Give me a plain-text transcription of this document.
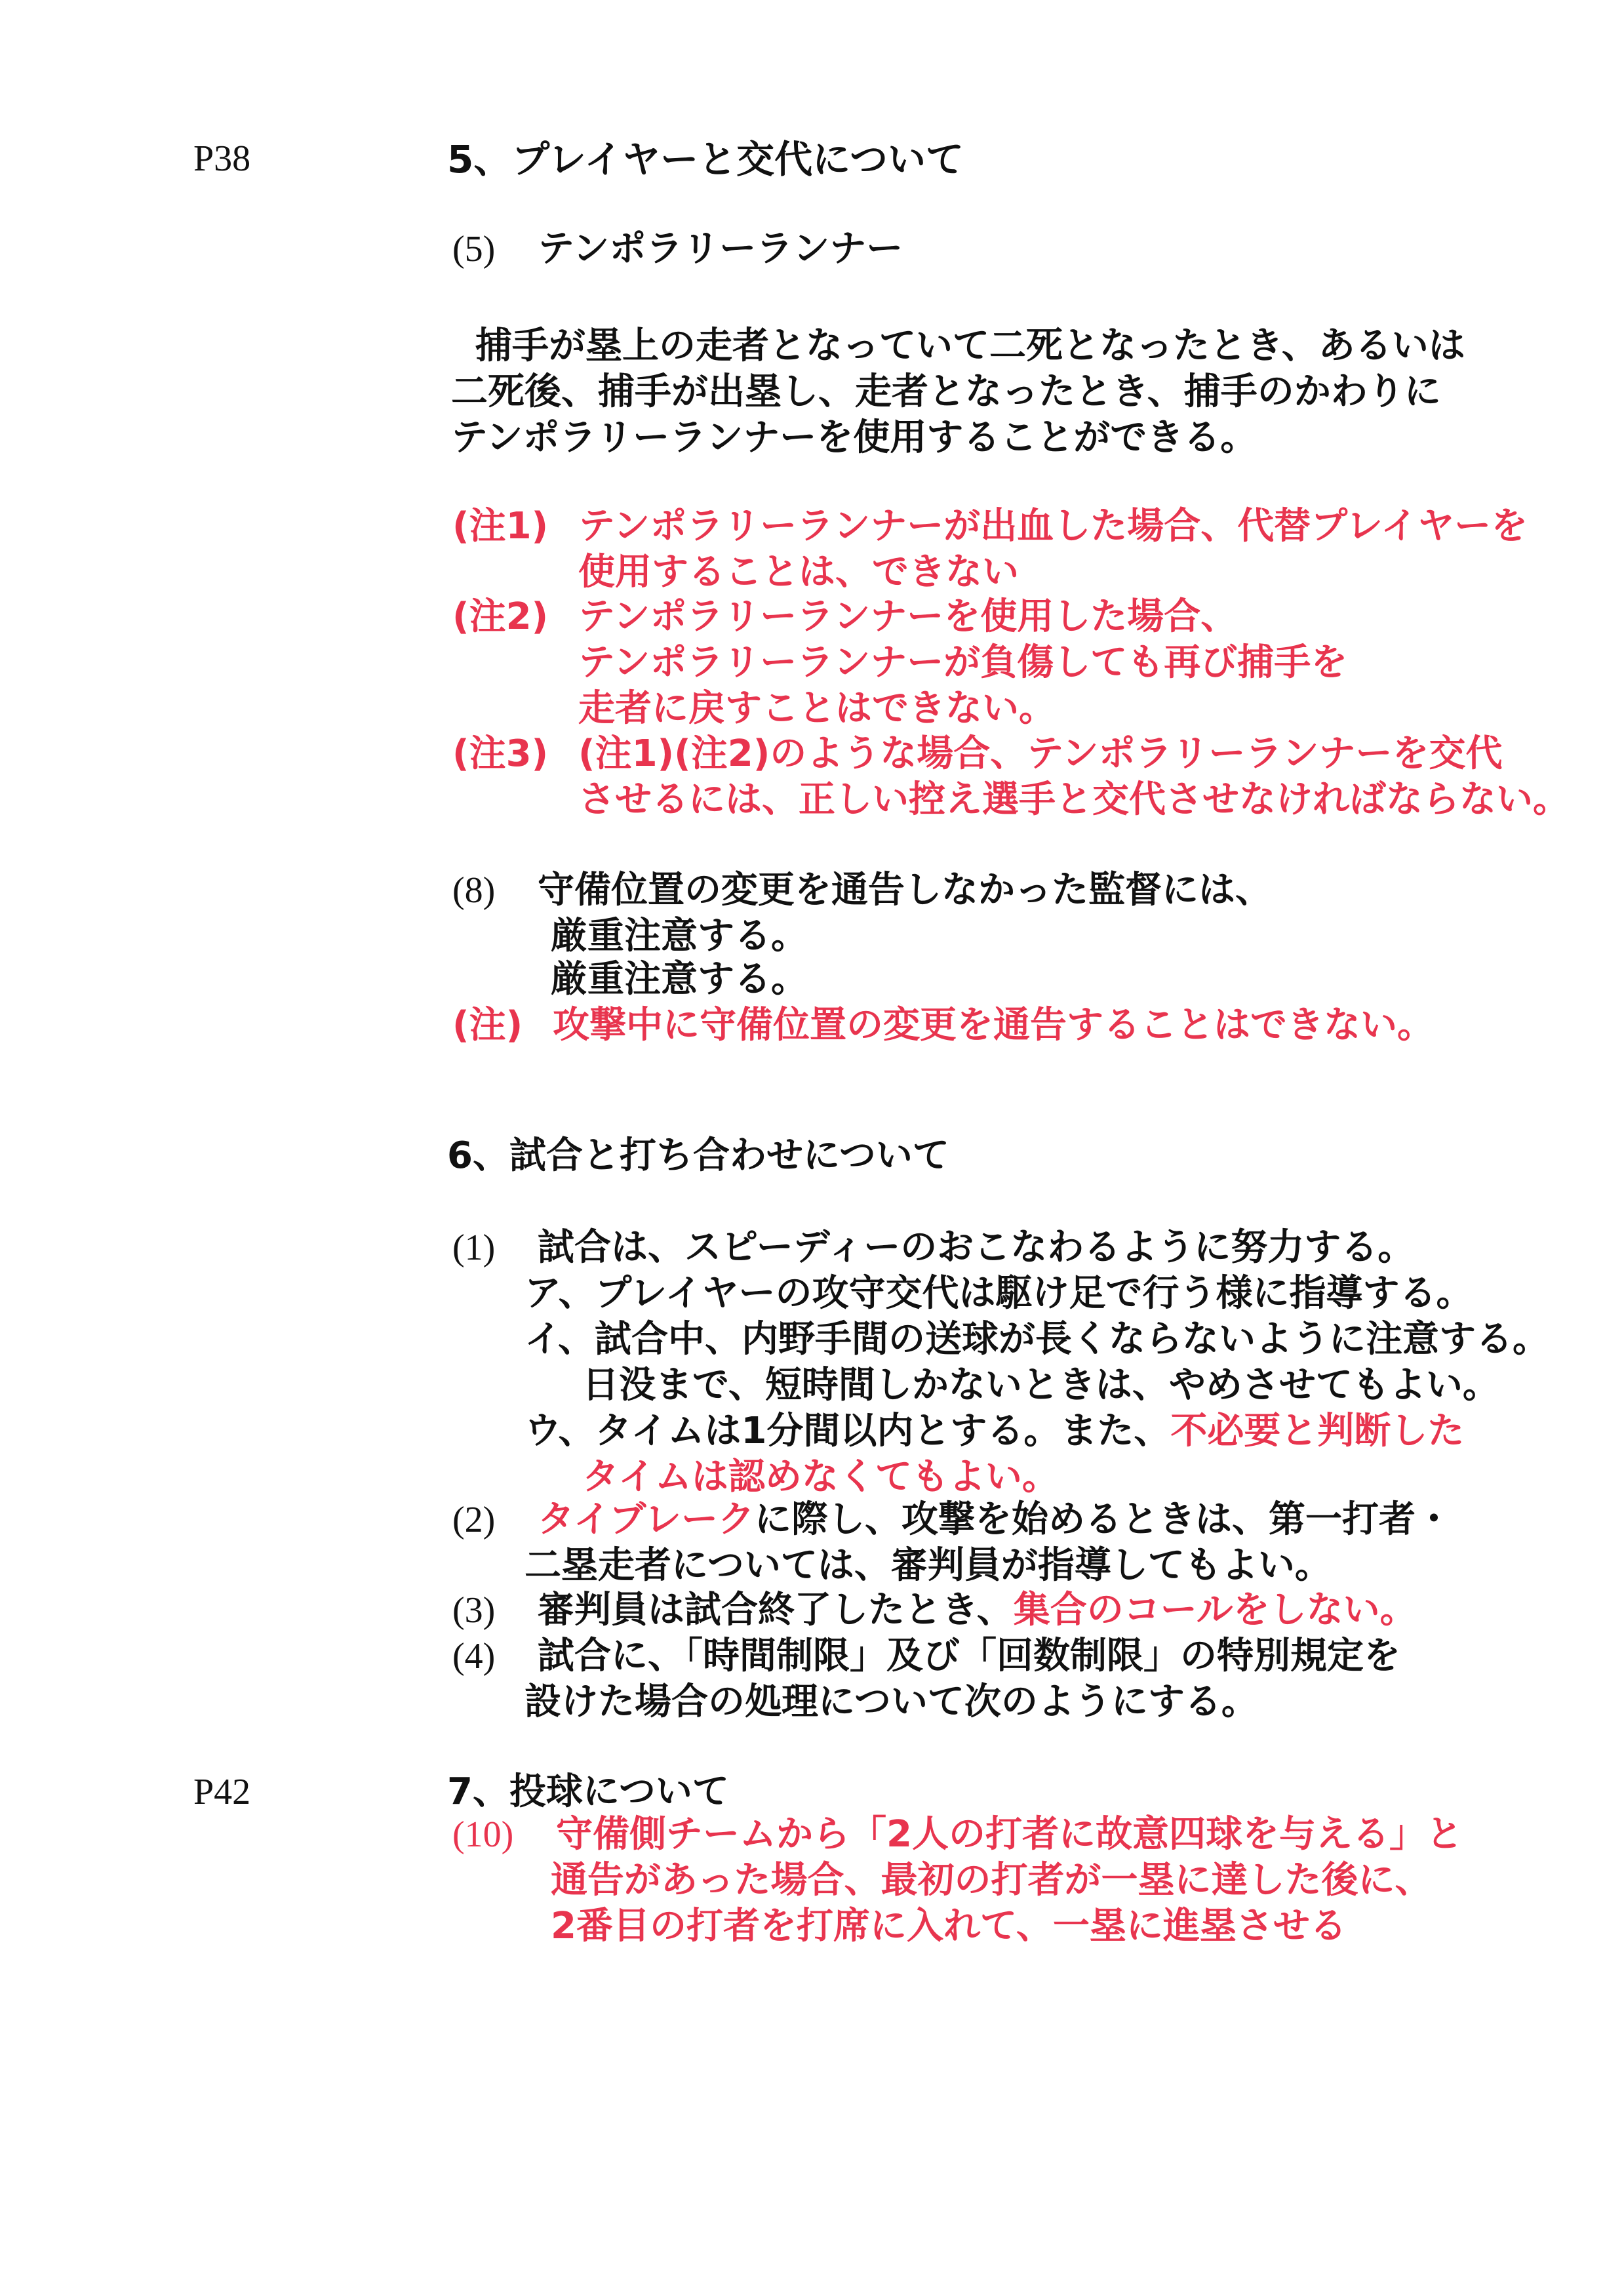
P38	5、プレイヤーと交代について
(5) テンポラリーランナー
捕手が塁上の走者となっていて二死となったとき、あるいは
二死後、捕手が出塁し、走者となったとき、捕手のかわりに
テンポラリーランナーを使用することができる。
(注1) テンポラリーランナーが出血した場合、代替プレイヤーを
使用することは、できない
(注2) テンポラリーランナーを使用した場合、
テンポラリーランナーが負傷しても再び捕手を
走者に戻すことはできない。
(注3) (注1)(注2)のような場合、テンポラリーランナーを交代
させるには、正しい控え選手と交代させなければならない。
(8) 守備位置の変更を通告しなかった監督には、
厳重注意する。
厳重注意する。
(注) 攻撃中に守備位置の変更を通告することはできない。
6、試合と打ち合わせについて
(1) 試合は、スピーディーのおこなわるように努力する。
ア、プレイヤーの攻守交代は駆け足で行う様に指導する。
イ、試合中、内野手間の送球が長くならないように注意する。
日没まで、短時間しかないときは、やめさせてもよい。
ウ、タイムは1分間以内とする。また、不必要と判断した
タイムは認めなくてもよい。
(2) タイブレークに際し、攻撃を始めるときは、第一打者・
二塁走者については、審判員が指導してもよい。
(3) 審判員は試合終了したとき、集合のコールをしない。
(4) 試合に、「時間制限」及び「回数制限」の特別規定を
設けた場合の処理について次のようにする。
P42	7、投球について
(10) 守備側チームから「2人の打者に故意四球を与える」と
通告があった場合、最初の打者が一塁に達した後に、
2番目の打者を打席に入れて、一塁に進塁させる
